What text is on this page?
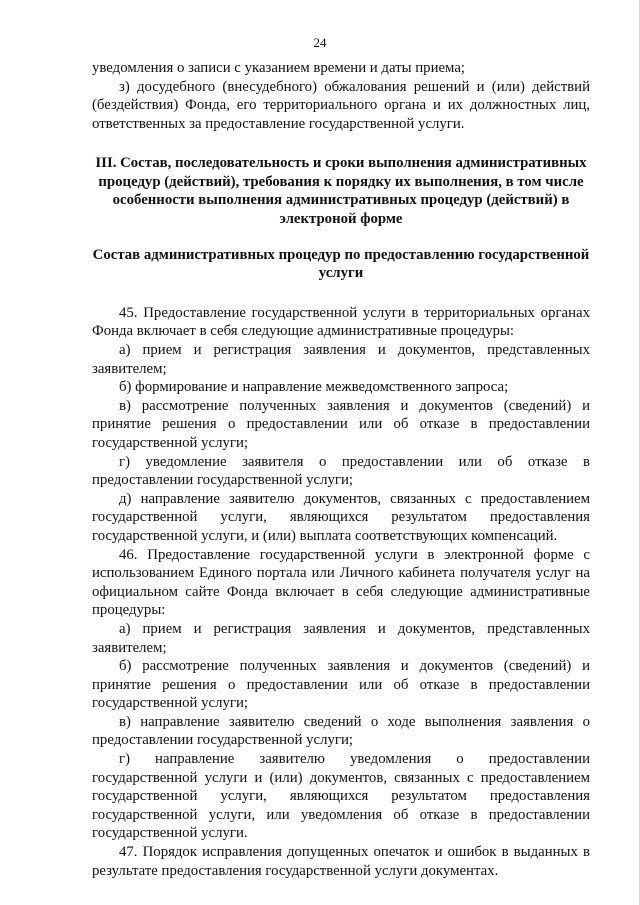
24

уведомления о записи с указанием времени и даты приема;

з) досудебного (внесудебного) обжалования решений и (или) действий (бездействия) Фонда, его территориального органа и их должностных лиц, ответственных за предоставление государственной услуги.

III. Состав, последовательность и сроки выполнения административных процедур (действий), требования к порядку их выполнения, в том числе особенности выполнения административных процедур (действий) в электроной форме

Состав административных процедур по предоставлению государственной услуги

45. Предоставление государственной услуги в территориальных органах Фонда включает в себя следующие административные процедуры:

а) прием и регистрация заявления и документов, представленных заявителем;

б) формирование и направление межведомственного запроса;

в) рассмотрение полученных заявления и документов (сведений) и принятие решения о предоставлении или об отказе в предоставлении государственной услуги;

г) уведомление заявителя о предоставлении или об отказе в предоставлении государственной услуги;

д) направление заявителю документов, связанных с предоставлением государственной услуги, являющихся результатом предоставления государственной услуги, и (или) выплата соответствующих компенсаций.

46. Предоставление государственной услуги в электронной форме с использованием Единого портала или Личного кабинета получателя услуг на официальном сайте Фонда включает в себя следующие административные процедуры:

а) прием и регистрация заявления и документов, представленных заявителем;

б) рассмотрение полученных заявления и документов (сведений) и принятие решения о предоставлении или об отказе в предоставлении государственной услуги;

в) направление заявителю сведений о ходе выполнения заявления о предоставлении государственной услуги;

г) направление заявителю уведомления о предоставлении государственной услуги и (или) документов, связанных с предоставлением государственной услуги, являющихся результатом предоставления государственной услуги, или уведомления об отказе в предоставлении государственной услуги.

47. Порядок исправления допущенных опечаток и ошибок в выданных в результате предоставления государственной услуги документах.
